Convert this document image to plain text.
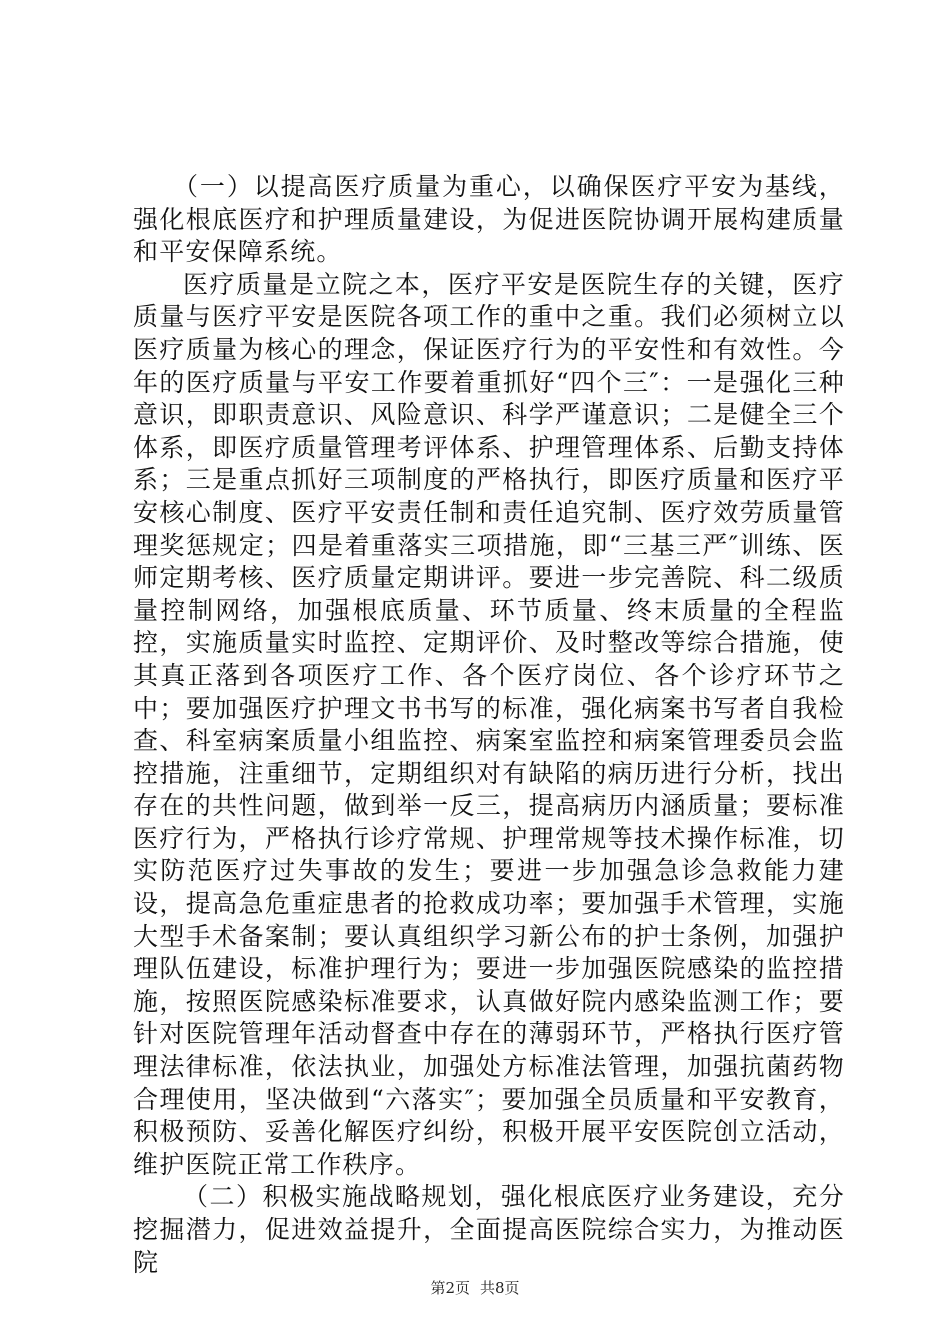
（一）以提高医疗质量为重心，以确保医疗平安为基线，强化根底医疗和护理质量建设，为促进医院协调开展构建质量和平安保障系统。

医疗质量是立院之本，医疗平安是医院生存的关键，医疗质量与医疗平安是医院各项工作的重中之重。我们必须树立以医疗质量为核心的理念，保证医疗行为的平安性和有效性。今年的医疗质量与平安工作要着重抓好“四个三″：一是强化三种意识，即职责意识、风险意识、科学严谨意识；二是健全三个体系，即医疗质量管理考评体系、护理管理体系、后勤支持体系；三是重点抓好三项制度的严格执行，即医疗质量和医疗平安核心制度、医疗平安责任制和责任追究制、医疗效劳质量管理奖惩规定；四是着重落实三项措施，即“三基三严″训练、医师定期考核、医疗质量定期讲评。要进一步完善院、科二级质量控制网络，加强根底质量、环节质量、终末质量的全程监控，实施质量实时监控、定期评价、及时整改等综合措施，使其真正落到各项医疗工作、各个医疗岗位、各个诊疗环节之中；要加强医疗护理文书书写的标准，强化病案书写者自我检查、科室病案质量小组监控、病案室监控和病案管理委员会监控措施，注重细节，定期组织对有缺陷的病历进行分析，找出存在的共性问题，做到举一反三，提高病历内涵质量；要标准医疗行为，严格执行诊疗常规、护理常规等技术操作标准，切实防范医疗过失事故的发生；要进一步加强急诊急救能力建设，提高急危重症患者的抢救成功率；要加强手术管理，实施大型手术备案制；要认真组织学习新公布的护士条例，加强护理队伍建设，标准护理行为；要进一步加强医院感染的监控措施，按照医院感染标准要求，认真做好院内感染监测工作；要针对医院管理年活动督查中存在的薄弱环节，严格执行医疗管理法律标准，依法执业，加强处方标准法管理，加强抗菌药物合理使用，坚决做到“六落实″；要加强全员质量和平安教育，积极预防、妥善化解医疗纠纷，积极开展平安医院创立活动，维护医院正常工作秩序。

（二）积极实施战略规划，强化根底医疗业务建设，充分挖掘潜力，促进效益提升，全面提高医院综合实力，为推动医院

第2页 共8页
